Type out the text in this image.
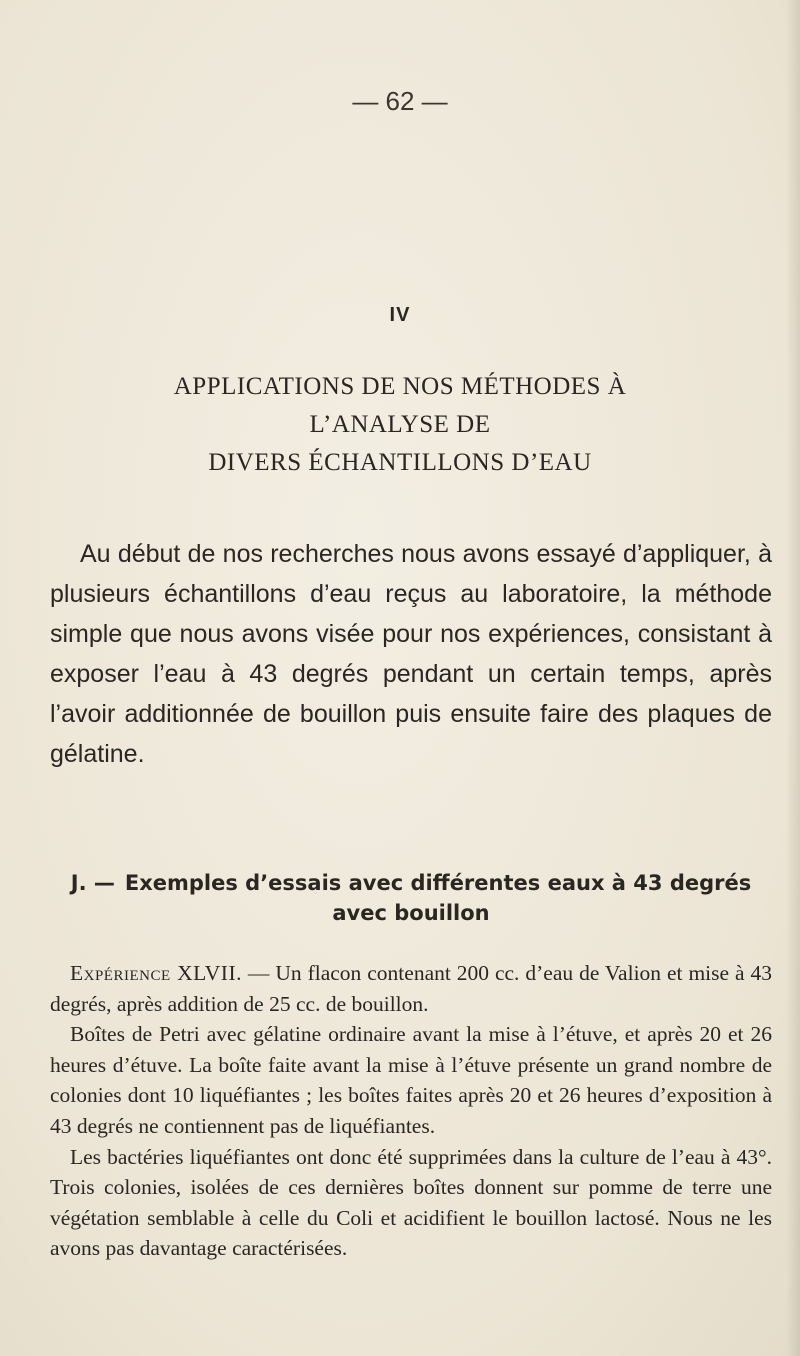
— 62 —
IV
APPLICATIONS DE NOS MÉTHODES À L’ANALYSE DE
DIVERS ÉCHANTILLONS D’EAU

Au début de nos recherches nous avons essayé d’appliquer, à plusieurs échantillons d’eau reçus au laboratoire, la méthode simple que nous avons visée pour nos expériences, consistant à exposer l’eau à 43 degrés pendant un certain temps, après l’avoir additionnée de bouillon puis ensuite faire des plaques de gélatine.

J. — Exemples d’essais avec différentes eaux à 43 degrés
avec bouillon

Expérience XLVII. — Un flacon contenant 200 cc. d’eau de Valion et mise à 43 degrés, après addition de 25 cc. de bouillon.

Boîtes de Petri avec gélatine ordinaire avant la mise à l’étuve, et après 20 et 26 heures d’étuve. La boîte faite avant la mise à l’étuve présente un grand nombre de colonies dont 10 liquéfiantes ; les boîtes faites après 20 et 26 heures d’exposition à 43 degrés ne contiennent pas de liquéfiantes.

Les bactéries liquéfiantes ont donc été supprimées dans la culture de l’eau à 43°. Trois colonies, isolées de ces dernières boîtes donnent sur pomme de terre une végétation semblable à celle du Coli et acidifient le bouillon lactosé. Nous ne les avons pas davantage caractérisées.
